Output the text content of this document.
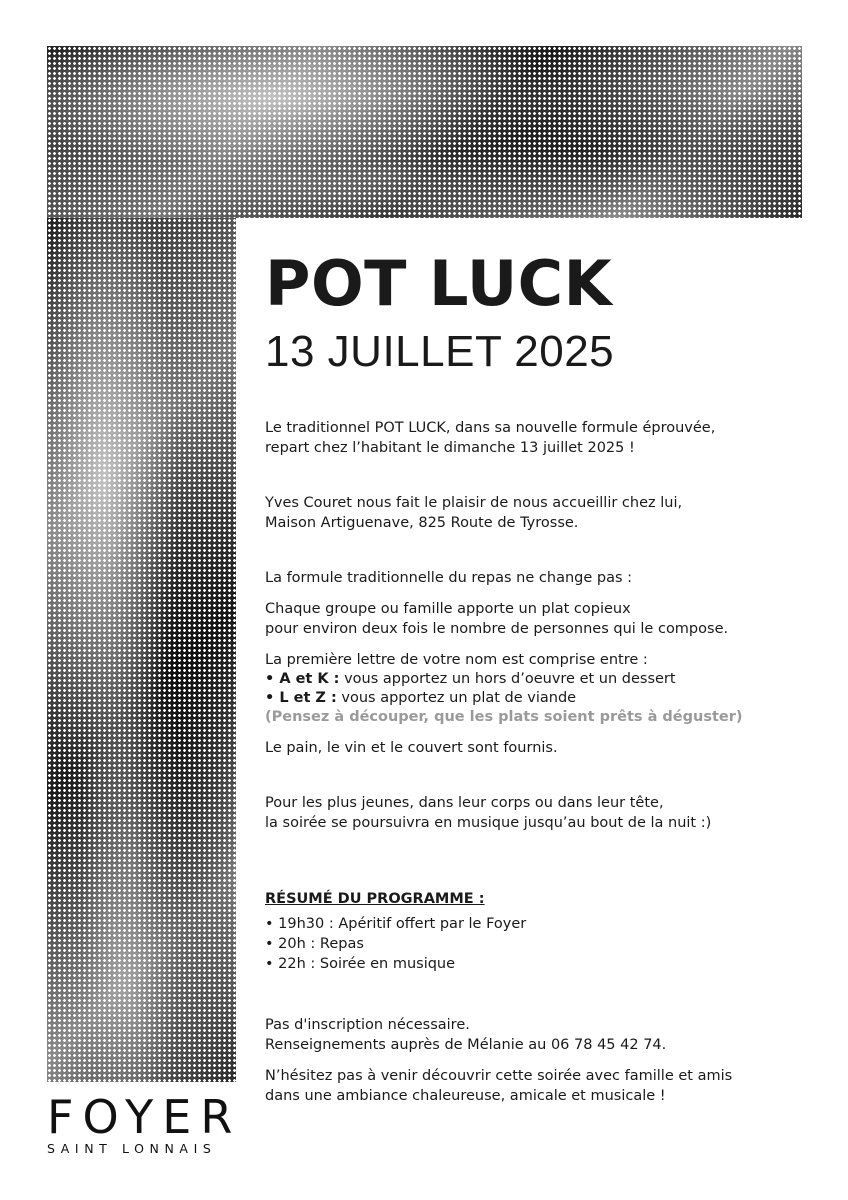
POT LUCK
13 JUILLET 2025

Le traditionnel POT LUCK, dans sa nouvelle formule éprouvée,

repart chez l’habitant le dimanche 13 juillet 2025 !

Yves Couret nous fait le plaisir de nous accueillir chez lui,

Maison Artiguenave, 825 Route de Tyrosse.

La formule traditionnelle du repas ne change pas :

Chaque groupe ou famille apporte un plat copieux

pour environ deux fois le nombre de personnes qui le compose.

La première lettre de votre nom est comprise entre :

• A et K : vous apportez un hors d’oeuvre et un dessert

• L et Z : vous apportez un plat de viande

(Pensez à découper, que les plats soient prêts à déguster)

Le pain, le vin et le couvert sont fournis.

Pour les plus jeunes, dans leur corps ou dans leur tête,

la soirée se poursuivra en musique jusqu’au bout de la nuit :)

RÉSUMÉ DU PROGRAMME :

• 19h30 : Apéritif offert par le Foyer

• 20h : Repas

• 22h : Soirée en musique

Pas d'inscription nécessaire.

Renseignements auprès de Mélanie au 06 78 45 42 74.

N’hésitez pas à venir découvrir cette soirée avec famille et amis

dans une ambiance chaleureuse, amicale et musicale !

FOYER
SAINT LONNAIS
